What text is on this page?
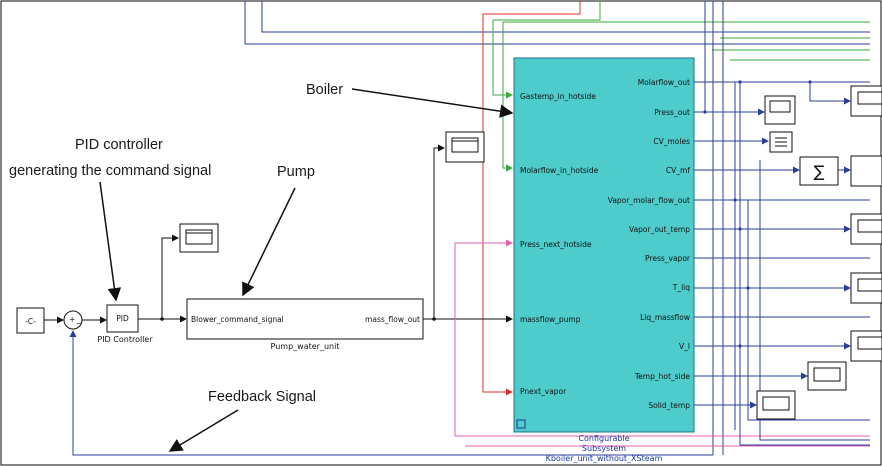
-C-	+ −
PID
PID Controller
Blower_command_signal	mass_flow_out
Pump_water_unit
Gastemp_in_hotside
Molarflow_in_hotside
Press_next_hotside
massflow_pump
Pnext_vapor
Molarflow_out
Press_out
CV_moles
CV_mf
Vapor_molar_flow_out
Vapor_out_temp
Press_vapor
T_liq
Liq_massflow
V_l
Temp_hot_side
Solid_temp
Configurable
Subsystem
Kboiler_unit_without_XSteam
∑
Boiler
PID controller
generating the command signal	Pump
Feedback Signal
